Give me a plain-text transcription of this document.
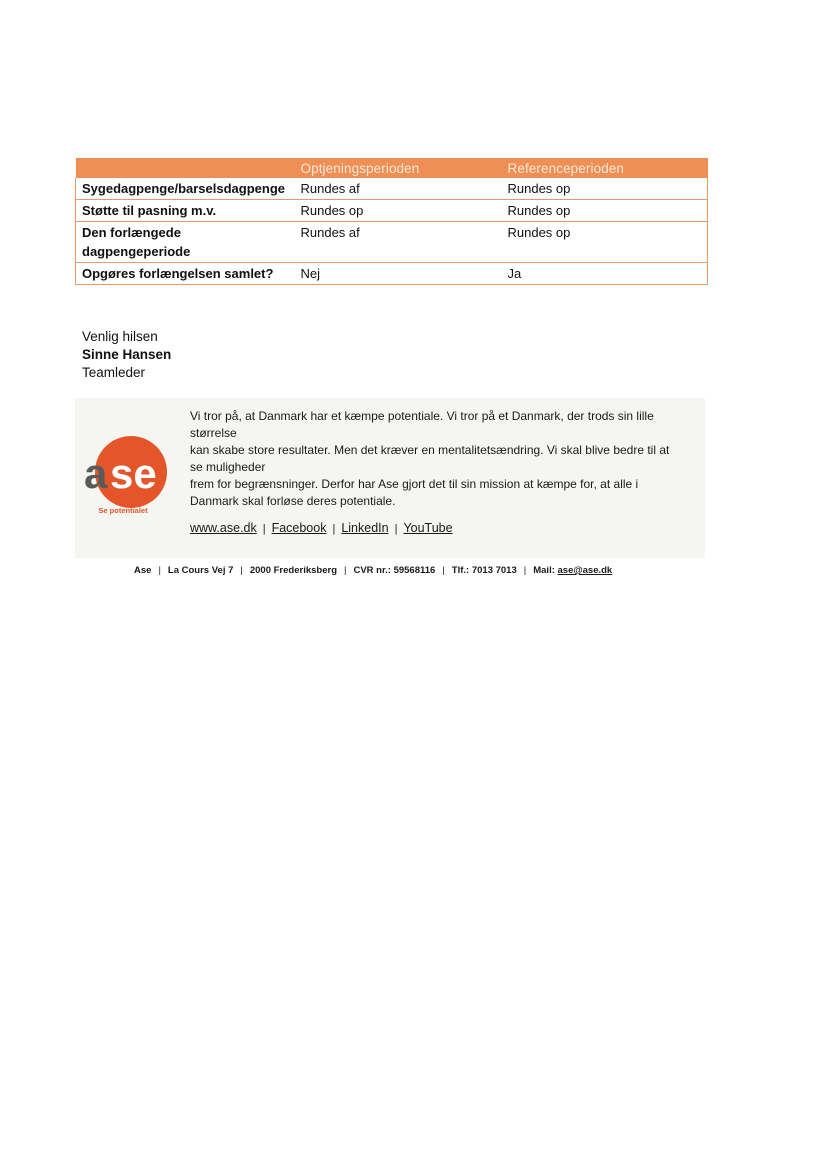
	Optjeningsperioden	Referenceperioden
Sygedagpenge/barselsdagpenge	Rundes af	Rundes op
Støtte til pasning m.v.	Rundes op	Rundes op
Den forlængede dagpengeperiode	Rundes af	Rundes op
Opgøres forlængelsen samlet?	Nej	Ja
Venlig hilsen
Sinne Hansen
Teamleder
a se
Se potentialet
Vi tror på, at Danmark har et kæmpe potentiale. Vi tror på et Danmark, der trods sin lille
størrelse
kan skabe store resultater. Men det kræver en mentalitetsændring. Vi skal blive bedre til at
se muligheder
frem for begrænsninger. Derfor har Ase gjort det til sin mission at kæmpe for, at alle i
Danmark skal forløse deres potentiale.
www.ase.dk | Facebook | LinkedIn | YouTube
Ase | La Cours Vej 7 | 2000 Frederiksberg | CVR nr.: 59568116 | Tlf.: 7013 7013 | Mail: ase@ase.dk
